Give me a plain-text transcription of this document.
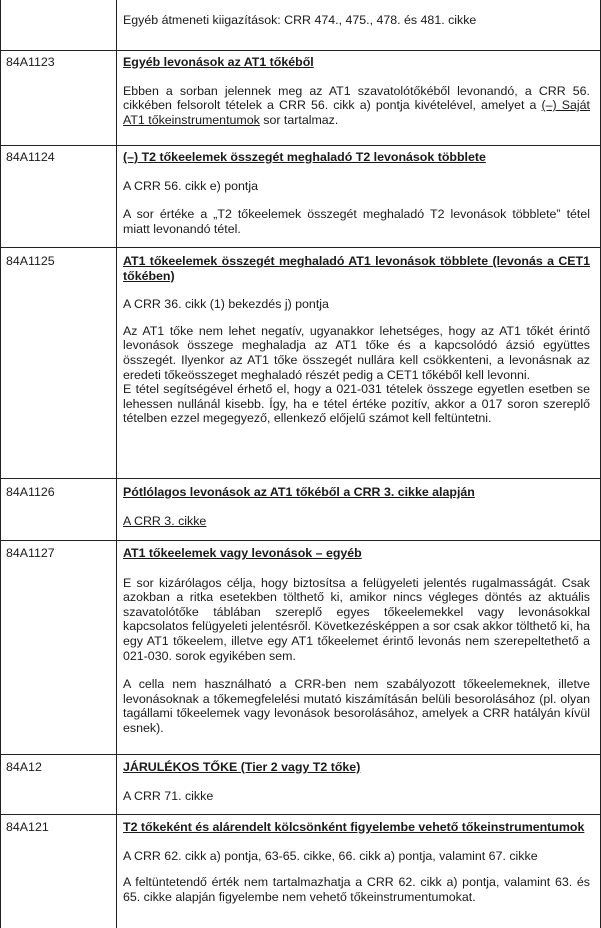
Egyéb átmeneti kiigazítások: CRR 474., 475., 478. és 481. cikke

84A1123	Egyéb levonások az AT1 tőkéből

Ebben a sorban jelennek meg az AT1 szavatolótőkéből levonandó, a CRR 56. cikkében felsorolt tételek a CRR 56. cikk a) pontja kivételével, amelyet a (–) Saját AT1 tőkeinstrumentumok sor tartalmaz.

84A1124	(–) T2 tőkeelemek összegét meghaladó T2 levonások többlete

A CRR 56. cikk e) pontja

A sor értéke a „T2 tőkeelemek összegét meghaladó T2 levonások többlete” tétel miatt levonandó tétel.

84A1125	AT1 tőkeelemek összegét meghaladó AT1 levonások többlete (levonás a CET1 tőkében)

A CRR 36. cikk (1) bekezdés j) pontja

Az AT1 tőke nem lehet negatív, ugyanakkor lehetséges, hogy az AT1 tőkét érintő levonások összege meghaladja az AT1 tőke és a kapcsolódó ázsió együttes összegét. Ilyenkor az AT1 tőke összegét nullára kell csökkenteni, a levonásnak az eredeti tőkeösszeget meghaladó részét pedig a CET1 tőkéből kell levonni.

E tétel segítségével érhető el, hogy a 021-031 tételek összege egyetlen esetben se lehessen nullánál kisebb. Így, ha e tétel értéke pozitív, akkor a 017 soron szereplő tételben ezzel megegyező, ellenkező előjelű számot kell feltüntetni.

84A1126	Pótlólagos levonások az AT1 tőkéből a CRR 3. cikke alapján

A CRR 3. cikke

84A1127	AT1 tőkeelemek vagy levonások – egyéb

E sor kizárólagos célja, hogy biztosítsa a felügyeleti jelentés rugalmasságát. Csak azokban a ritka esetekben tölthető ki, amikor nincs végleges döntés az aktuális szavatolótőke táblában szereplő egyes tőkeelemekkel vagy levonásokkal kapcsolatos felügyeleti jelentésről. Következésképpen a sor csak akkor tölthető ki, ha egy AT1 tőkeelem, illetve egy AT1 tőkeelemet érintő levonás nem szerepeltethető a 021-030. sorok egyikében sem.

A cella nem használható a CRR-ben nem szabályozott tőkeelemeknek, illetve levonásoknak a tőkemegfelelési mutató kiszámításán belüli besorolásához (pl. olyan tagállami tőkeelemek vagy levonások besorolásához, amelyek a CRR hatályán kívül esnek).

84A12	JÁRULÉKOS TŐKE (Tier 2 vagy T2 tőke)

A CRR 71. cikke

84A121	T2 tőkeként és alárendelt kölcsönként figyelembe vehető tőkeinstrumentumok

A CRR 62. cikk a) pontja, 63-65. cikke, 66. cikk a) pontja, valamint 67. cikke

A feltüntetendő érték nem tartalmazhatja a CRR 62. cikk a) pontja, valamint 63. és 65. cikke alapján figyelembe nem vehető tőkeinstrumentumokat.
